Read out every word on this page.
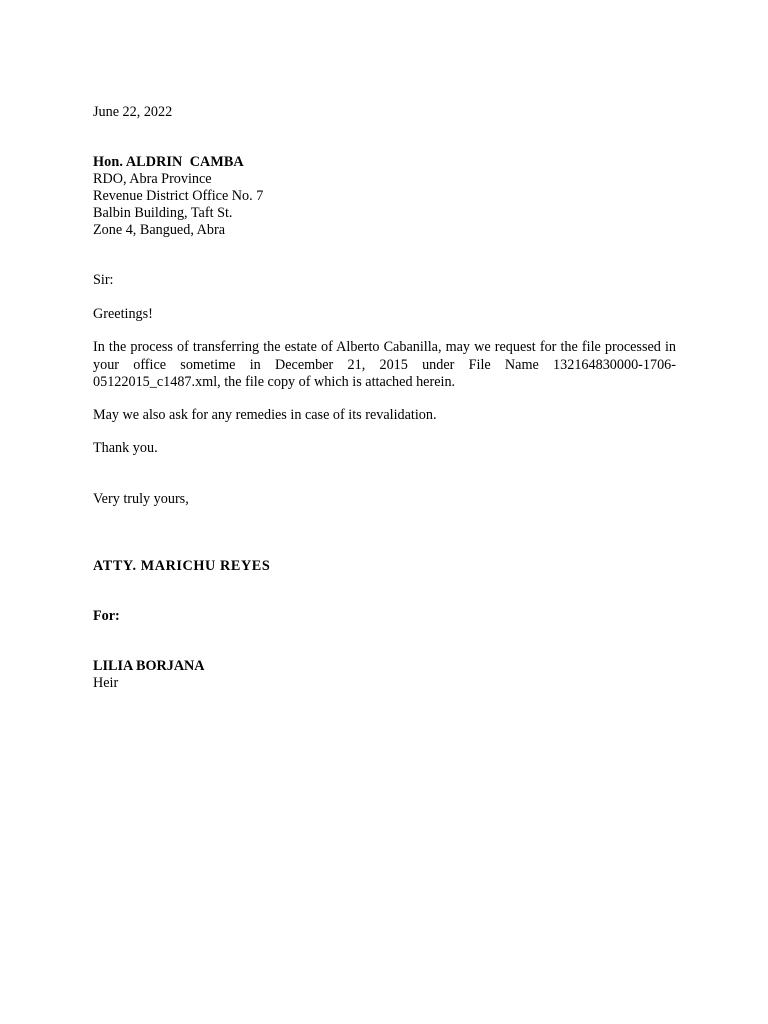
June 22, 2022

Hon. ALDRIN  CAMBA
RDO, Abra Province
Revenue District Office No. 7
Balbin Building, Taft St.
Zone 4, Bangued, Abra

Sir:

Greetings!

In the process of transferring the estate of Alberto Cabanilla, may we request for the file processed in your office sometime in December 21, 2015 under File Name 132164830000-1706-05122015_c1487.xml, the file copy of which is attached herein.

May we also ask for any remedies in case of its revalidation.

Thank you.

Very truly yours,

ATTY. MARICHU REYES

For:

LILIA BORJANA
Heir
